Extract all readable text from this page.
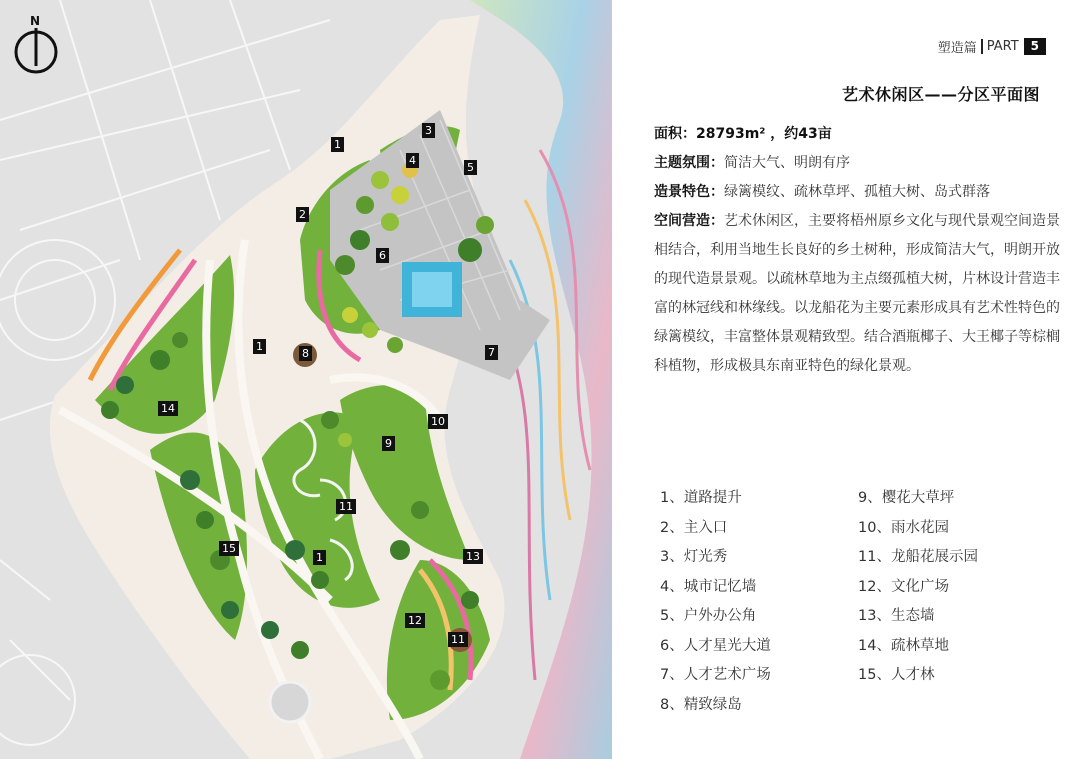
N
1
3
4
5
2
6
1
8	7
10
9
14
11
15
1	13
12
11
塑造篇 PART	5
艺术休闲区——分区平面图
面积：28793m² ，约43亩
主题氛围：简洁大气、明朗有序
造景特色：绿篱模纹、疏林草坪、孤植大树、岛式群落
空间营造：艺术休闲区，主要将梧州原乡文化与现代景观空间造景相结合，利用当地生长良好的乡土树种，形成简洁大气，明朗开放的现代造景景观。以疏林草地为主点缀孤植大树，片林设计营造丰富的林冠线和林缘线。以龙船花为主要元素形成具有艺术性特色的绿篱模纹，丰富整体景观精致型。结合酒瓶椰子、大王椰子等棕榈科植物，形成极具东南亚特色的绿化景观。
1、道路提升
2、主入口
3、灯光秀
4、城市记忆墙
5、户外办公角
6、人才星光大道
7、人才艺术广场
8、精致绿岛
9、樱花大草坪
10、雨水花园
11、龙船花展示园
12、文化广场
13、生态墙
14、疏林草地
15、人才林
